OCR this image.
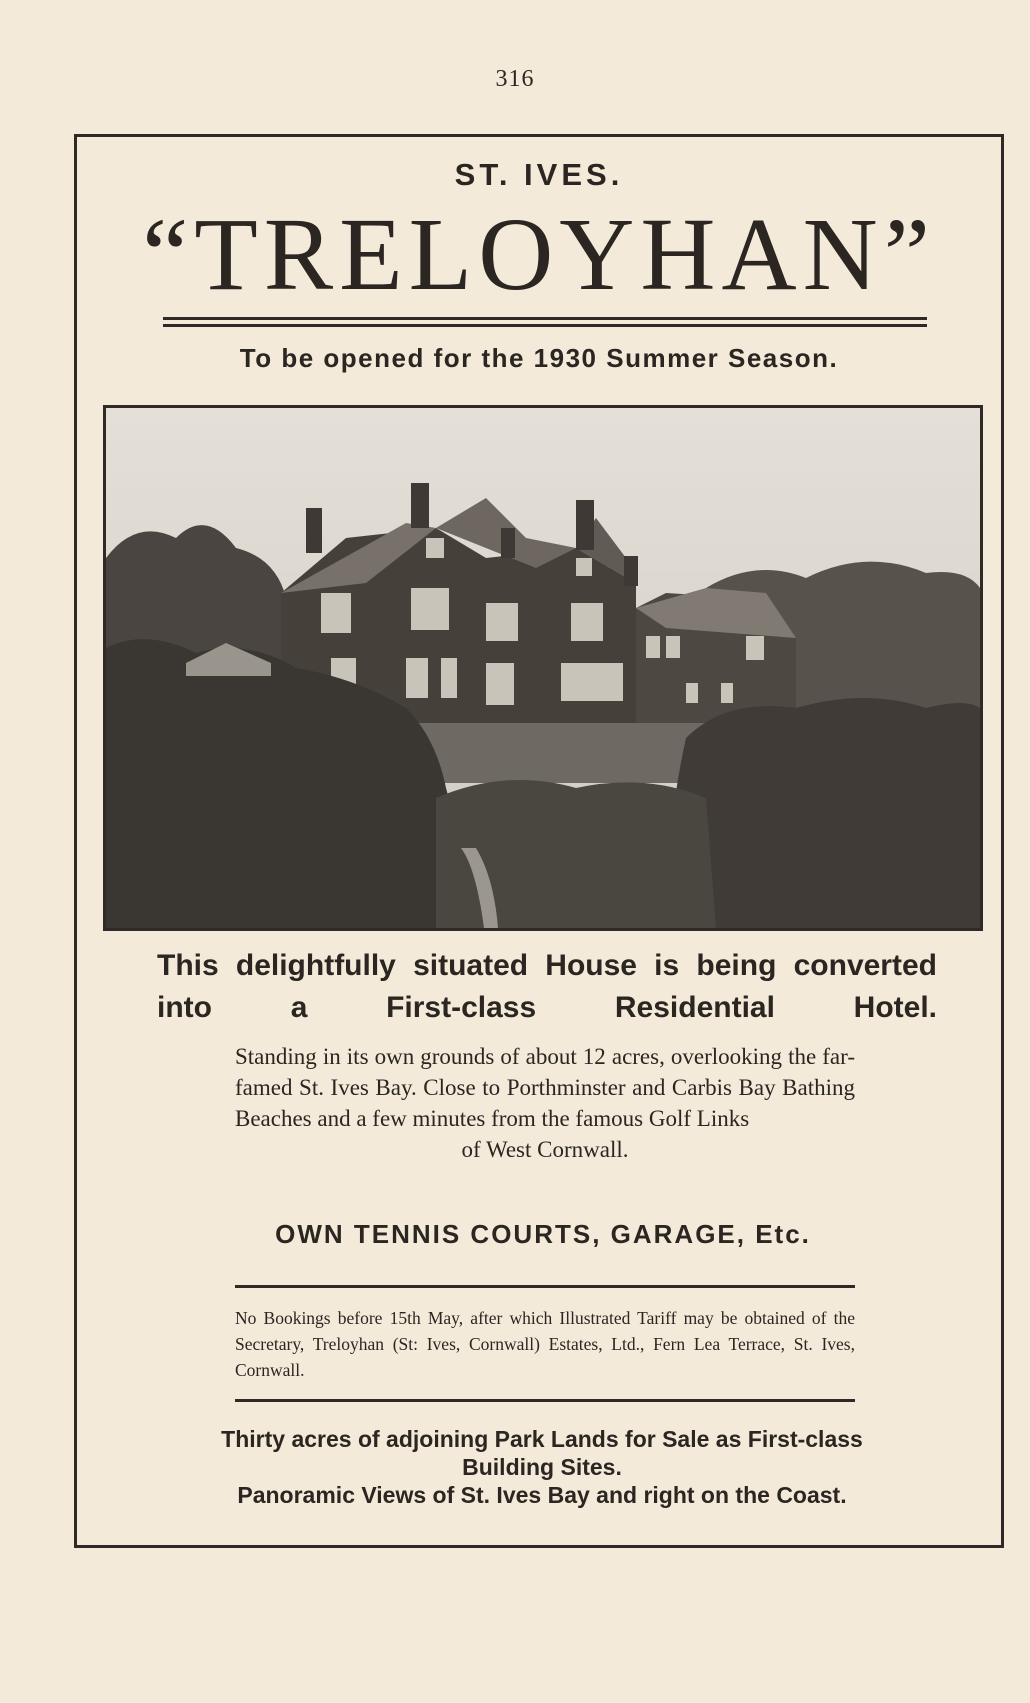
316
ST. IVES.
“TRELOYHAN”
To be opened for the 1930 Summer Season.
This delightfully situated House is being converted into a First-class Residential Hotel.
Standing in its own grounds of about 12 acres, overlooking the far-famed St. Ives Bay. Close to Porthminster and Carbis Bay Bathing Beaches and a few minutes from the famous Golf Links
of West Cornwall.
OWN TENNIS COURTS, GARAGE, Etc.
No Bookings before 15th May, after which Illustrated Tariff may be obtained of the Secretary, Treloyhan (St: Ives, Cornwall) Estates, Ltd., Fern Lea Terrace, St. Ives, Cornwall.
Thirty acres of adjoining Park Lands for Sale as First-class
Building Sites.
Panoramic Views of St. Ives Bay and right on the Coast.
